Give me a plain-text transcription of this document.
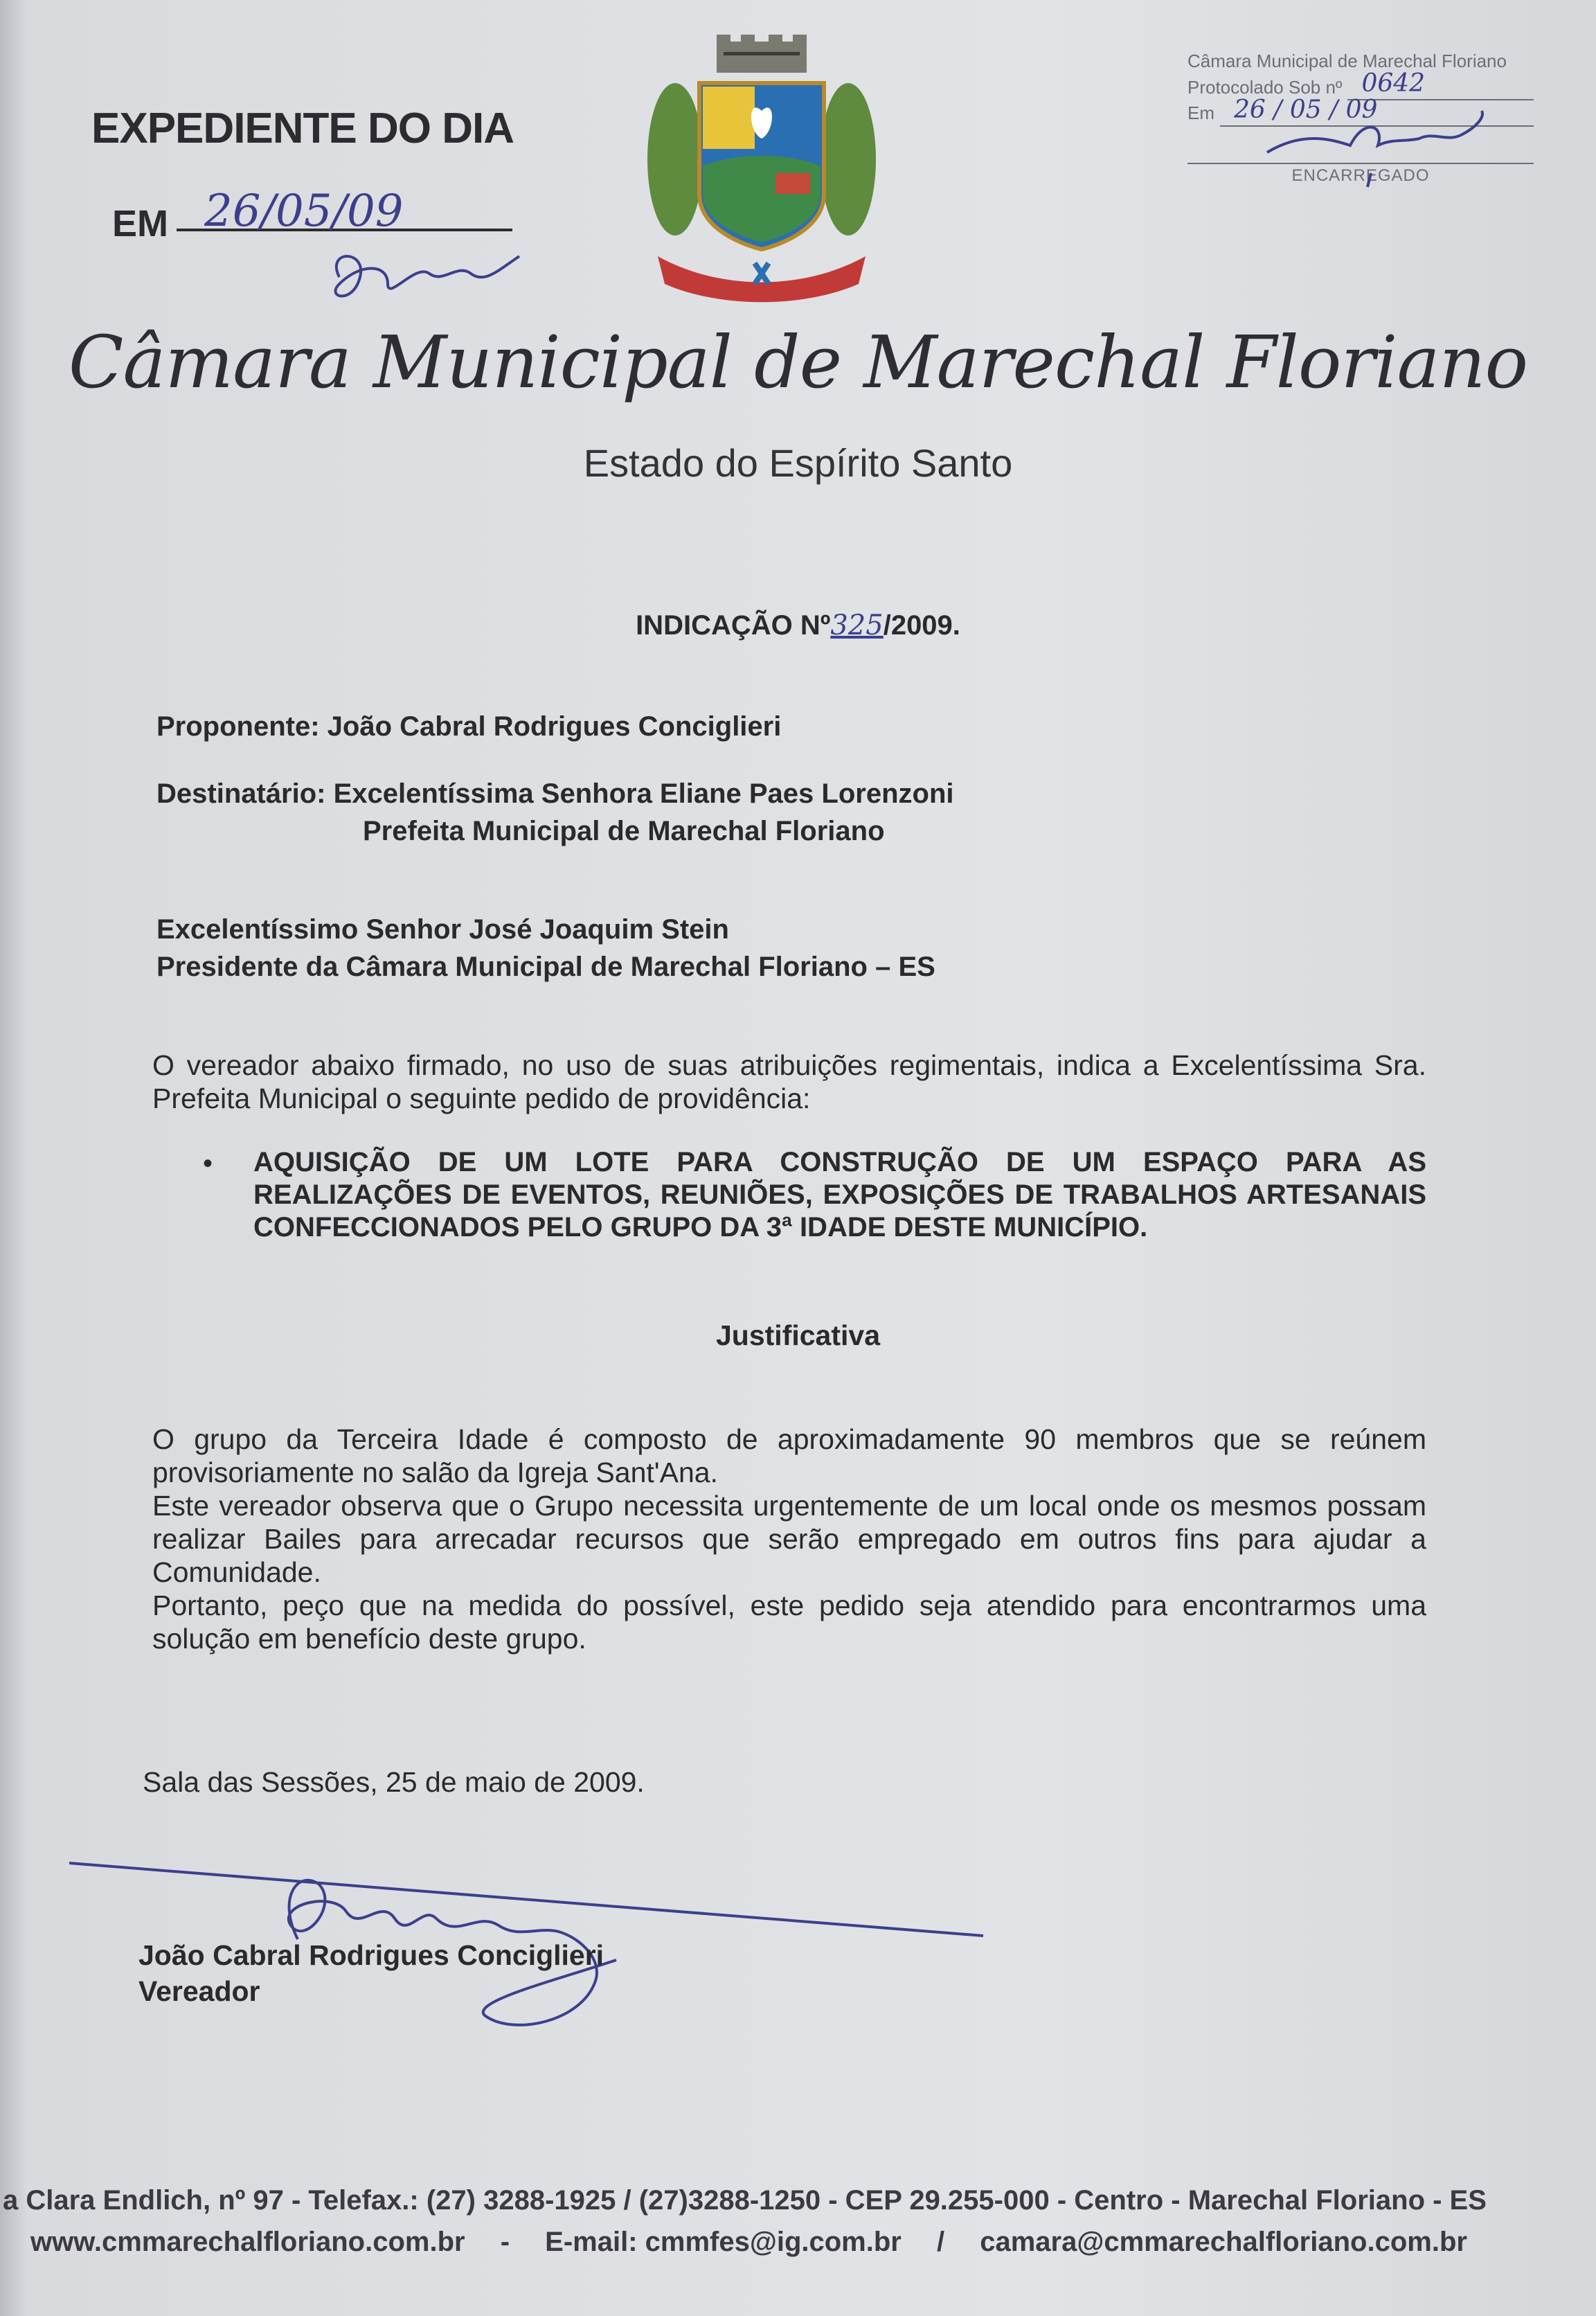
EXPEDIENTE DO DIA
EM 26/05/09
Câmara Municipal de Marechal Floriano
Protocolado Sob nº 0642
Em 26 / 05 / 09
ENCARREGADO
Câmara Municipal de Marechal Floriano
Estado do Espírito Santo
INDICAÇÃO Nº325/2009.
Proponente: João Cabral Rodrigues Conciglieri
Destinatário: Excelentíssima Senhora Eliane Paes Lorenzoni
Prefeita Municipal de Marechal Floriano
Excelentíssimo Senhor José Joaquim Stein
Presidente da Câmara Municipal de Marechal Floriano – ES
O vereador abaixo firmado, no uso de suas atribuições regimentais, indica a Excelentíssima Sra. Prefeita Municipal o seguinte pedido de providência:
• AQUISIÇÃO DE UM LOTE PARA CONSTRUÇÃO DE UM ESPAÇO PARA AS REALIZAÇÕES DE EVENTOS, REUNIÕES, EXPOSIÇÕES DE TRABALHOS ARTESANAIS CONFECCIONADOS PELO GRUPO DA 3ª IDADE DESTE MUNICÍPIO.
Justificativa
O grupo da Terceira Idade é composto de aproximadamente 90 membros que se reúnem provisoriamente no salão da Igreja Sant'Ana.
Este vereador observa que o Grupo necessita urgentemente de um local onde os mesmos possam realizar Bailes para arrecadar recursos que serão empregado em outros fins para ajudar a Comunidade.
Portanto, peço que na medida do possível, este pedido seja atendido para encontrarmos uma solução em benefício deste grupo.
Sala das Sessões, 25 de maio de 2009.
João Cabral Rodrigues Conciglieri
Vereador
a Clara Endlich, nº 97 - Telefax.: (27) 3288-1925 / (27)3288-1250 - CEP 29.255-000 - Centro - Marechal Floriano - ES
www.cmmarechalfloriano.com.br - E-mail: cmmfes@ig.com.br / camara@cmmarechalfloriano.com.br
